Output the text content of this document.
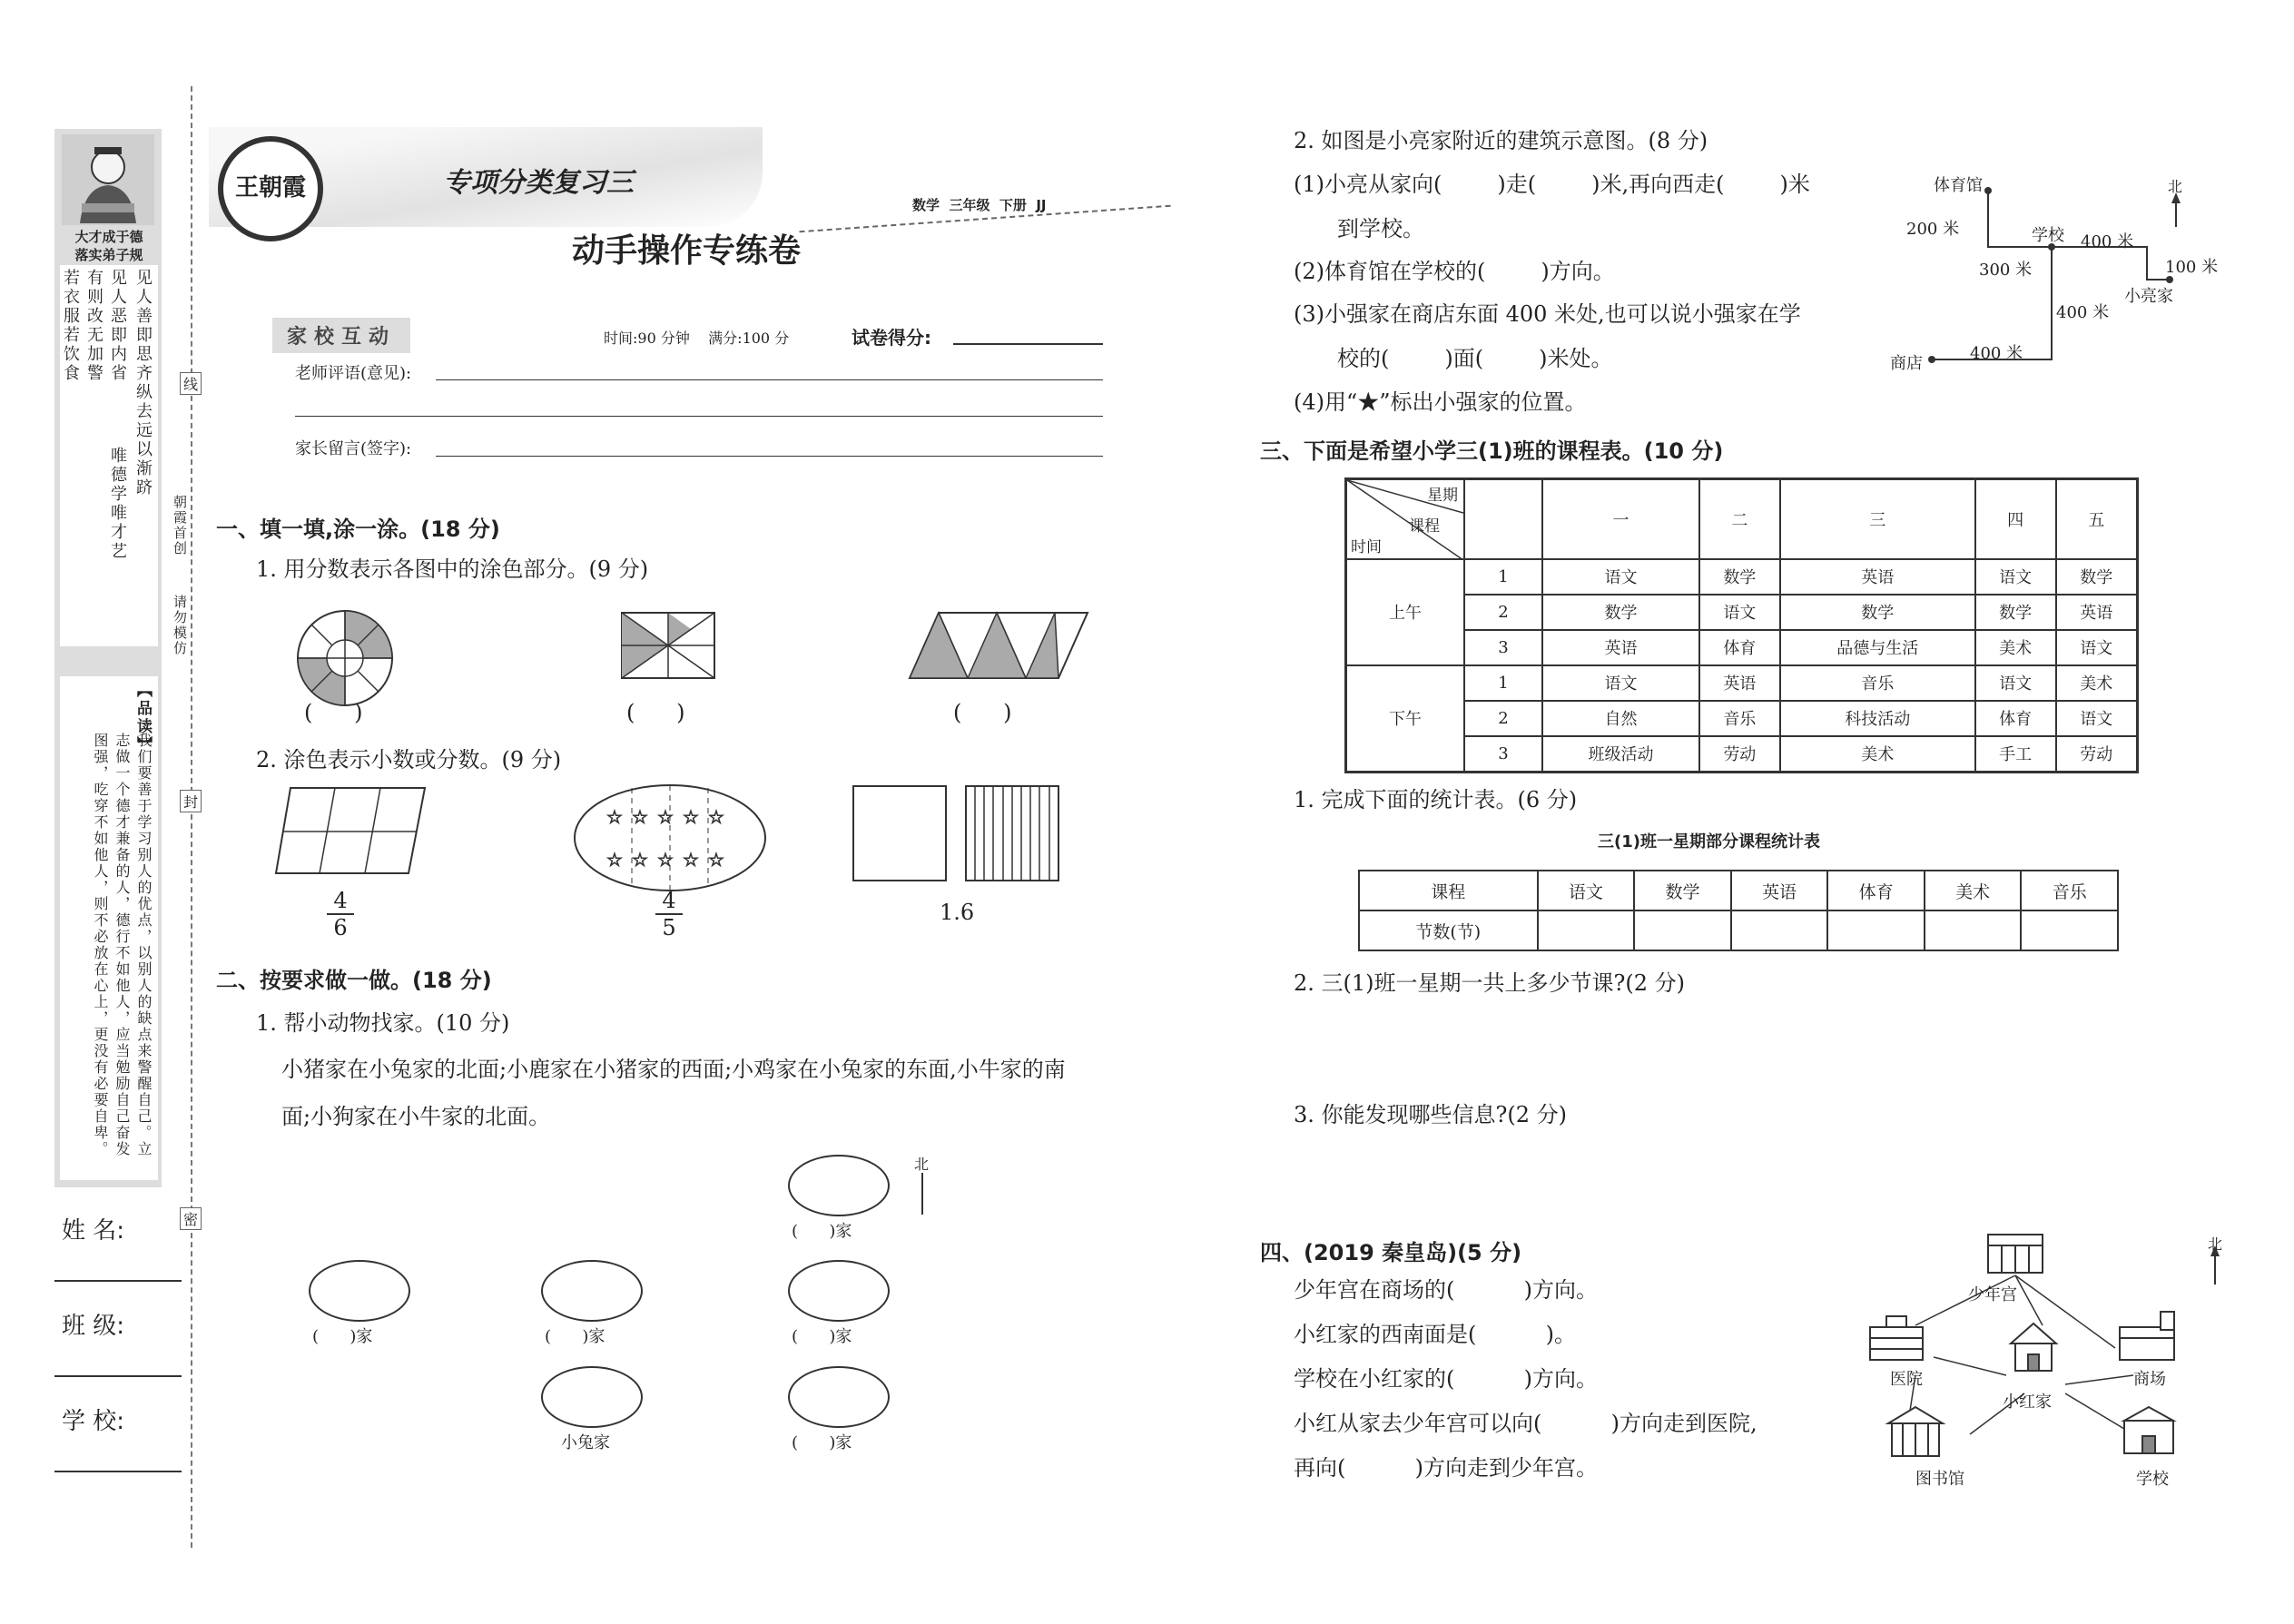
大才成于德
落实弟子规
见人善即思齐纵去远以渐跻
见人恶即内省
有则改无加警
若衣服若饮食
唯德学唯才艺
【品读】
我们要善于学习别人的优点，以别人的缺点来警醒自己。立志做一个德才兼备的人，德行不如他人，应当勉励自己奋发图强，吃穿不如他人，则不必放在心上，更没有必要自卑。
姓 名:
班 级:
学 校:
线
封
密
朝霞首创
请勿模仿
王朝霞	专项分类复习三
数学  三年级  下册  JJ
动手操作专练卷
家校互动	时间:90 分钟    满分:100 分	试卷得分:
老师评语(意见):
家长留言(签字):
一、填一填,涂一涂。(18 分)
1. 用分数表示各图中的涂色部分。(9 分)
(      )	(      )	(      )
2. 涂色表示小数或分数。(9 分)
4
6
☆ ☆ ☆ ☆ ☆
☆ ☆ ☆ ☆ ☆
4
5
1.6
二、按要求做一做。(18 分)
1. 帮小动物找家。(10 分)
小猪家在小兔家的北面;小鹿家在小猪家的西面;小鸡家在小兔家的东面,小牛家的南
面;小狗家在小牛家的北面。
(      )家
北
(      )家	(      )家	(      )家
小兔家	(      )家
2. 如图是小亮家附近的建筑示意图。(8 分)
(1)小亮从家向(        )走(        )米,再向西走(        )米
到学校。
(2)体育馆在学校的(        )方向。
(3)小强家在商店东面 400 米处,也可以说小强家在学
校的(        )面(        )米处。
(4)用“★”标出小强家的位置。
体育馆
学校
小亮家
商店
北
200 米
300 米
400 米
100 米
400 米
400 米
三、下面是希望小学三(1)班的课程表。(10 分)
星期
课程
时间		一	二	三	四	五
上午	1	语文	数学	英语	语文	数学
	2	数学	语文	数学	数学	英语
	3	英语	体育	品德与生活	美术	语文
下午	1	语文	英语	音乐	语文	美术
	2	自然	音乐	科技活动	体育	语文
	3	班级活动	劳动	美术	手工	劳动
1. 完成下面的统计表。(6 分)
三(1)班一星期部分课程统计表
课程	语文	数学	英语	体育	美术	音乐
节数(节)						
2. 三(1)班一星期一共上多少节课?(2 分)
3. 你能发现哪些信息?(2 分)
四、(2019 秦皇岛)(5 分)
少年宫在商场的(          )方向。
小红家的西南面是(          )。
学校在小红家的(          )方向。
小红从家去少年宫可以向(          )方向走到医院,
再向(          )方向走到少年宫。
少年宫
医院
小红家
商场
图书馆	学校
北
